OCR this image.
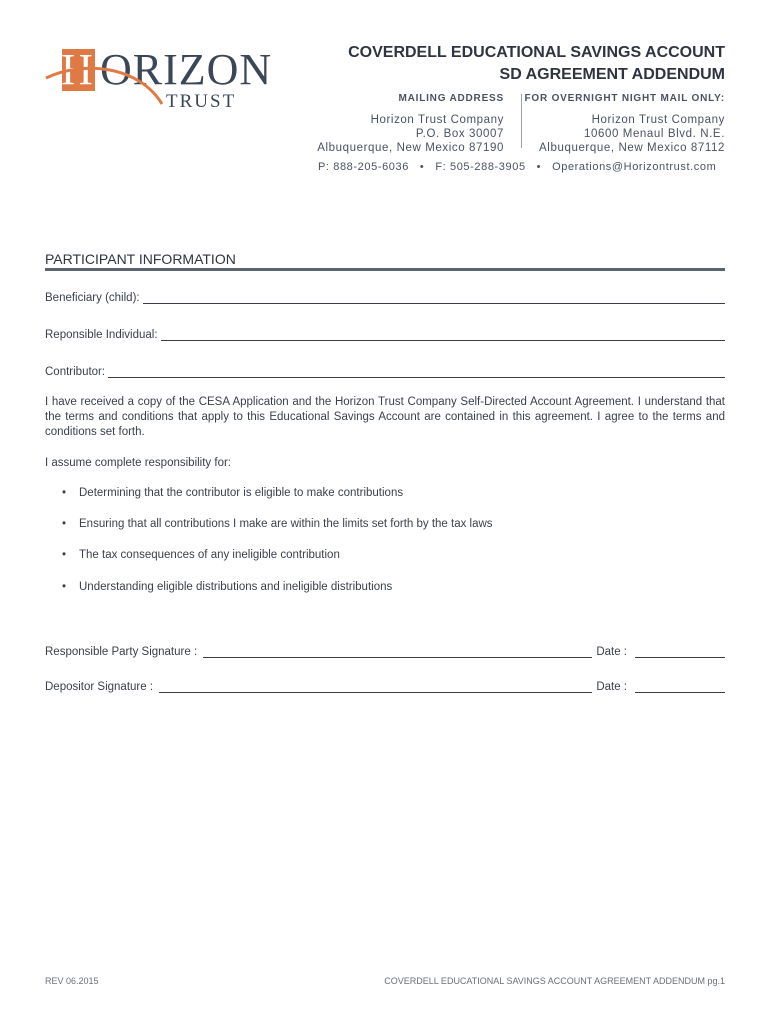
H ORIZON
TRUST
COVERDELL EDUCATIONAL SAVINGS ACCOUNT
SD AGREEMENT ADDENDUM
MAILING ADDRESS
Horizon Trust Company
P.O. Box 30007
Albuquerque, New Mexico 87190
FOR OVERNIGHT NIGHT MAIL ONLY:
Horizon Trust Company
10600 Menaul Blvd. N.E.
Albuquerque, New Mexico 87112
P: 888-205-6036 • F: 505-288-3905 • Operations@Horizontrust.com
PARTICIPANT INFORMATION
Beneficiary (child):
Reponsible Individual:
Contributor:
I have received a copy of the CESA Application and the Horizon Trust Company Self-Directed Account Agreement. I understand that the terms and conditions that apply to this Educational Savings Account are contained in this agreement. I agree to the terms and conditions set forth.
I assume complete responsibility for:
• Determining that the contributor is eligible to make contributions
• Ensuring that all contributions I make are within the limits set forth by the tax laws
• The tax consequences of any ineligible contribution
• Understanding eligible distributions and ineligible distributions
Responsible Party Signature :	Date :
Depositor Signature :	Date :
REV 06.2015	COVERDELL EDUCATIONAL SAVINGS ACCOUNT AGREEMENT ADDENDUM pg.1
